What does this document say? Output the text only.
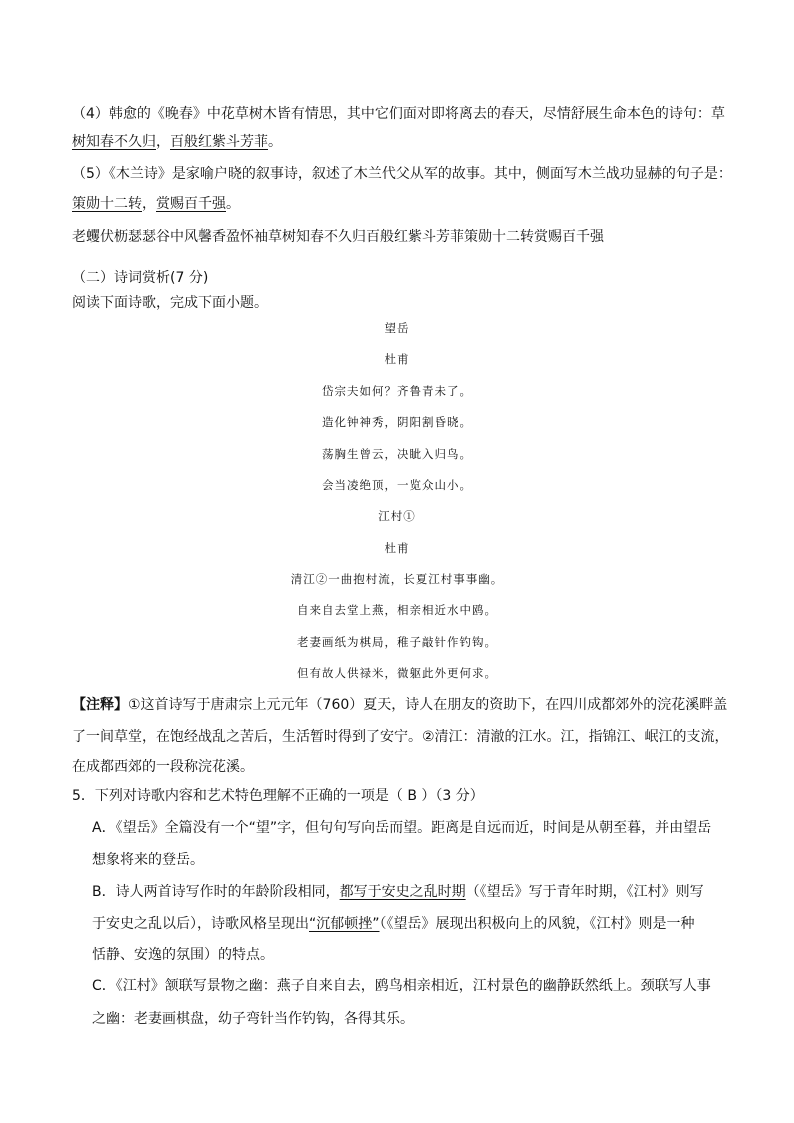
（4）韩愈的《晚春》中花草树木皆有情思，其中它们面对即将离去的春天，尽情舒展生命本色的诗句：草
树知春不久归，百般红紫斗芳菲。
（5）《木兰诗》是家喻户晓的叙事诗，叙述了木兰代父从军的故事。其中，侧面写木兰战功显赫的句子是：
策勋十二转，赏赐百千强。
老蠼伏枥瑟瑟谷中风馨香盈怀袖草树知春不久归百般红紫斗芳菲策勋十二转赏赐百千强
（二）诗词赏析(7 分)
阅读下面诗歌，完成下面小题。
望岳
杜甫
岱宗夫如何？齐鲁青未了。
造化钟神秀，阴阳割昏晓。
荡胸生曾云，决眦入归鸟。
会当凌绝顶，一览众山小。
江村①
杜甫
清江②一曲抱村流，长夏江村事事幽。
自来自去堂上燕，相亲相近水中鸥。
老妻画纸为棋局，稚子敲针作钓钩。
但有故人供禄米，微躯此外更何求。
【注释】①这首诗写于唐肃宗上元元年（760）夏天，诗人在朋友的资助下，在四川成都郊外的浣花溪畔盖
了一间草堂，在饱经战乱之苦后，生活暂时得到了安宁。②清江：清澈的江水。江，指锦江、岷江的支流，
在成都西郊的一段称浣花溪。
5．下列对诗歌内容和艺术特色理解不正确的一项是（ B ）（3 分）
A．《望岳》全篇没有一个“望”字，但句句写向岳而望。距离是自远而近，时间是从朝至暮，并由望岳
想象将来的登岳。
B．诗人两首诗写作时的年龄阶段相同，都写于安史之乱时期（《望岳》写于青年时期，《江村》则写
于安史之乱以后），诗歌风格呈现出“沉郁顿挫”（《望岳》展现出积极向上的风貌，《江村》则是一种
恬静、安逸的氛围）的特点。
C．《江村》颔联写景物之幽：燕子自来自去，鸥鸟相亲相近，江村景色的幽静跃然纸上。颈联写人事
之幽：老妻画棋盘，幼子弯针当作钓钩，各得其乐。
